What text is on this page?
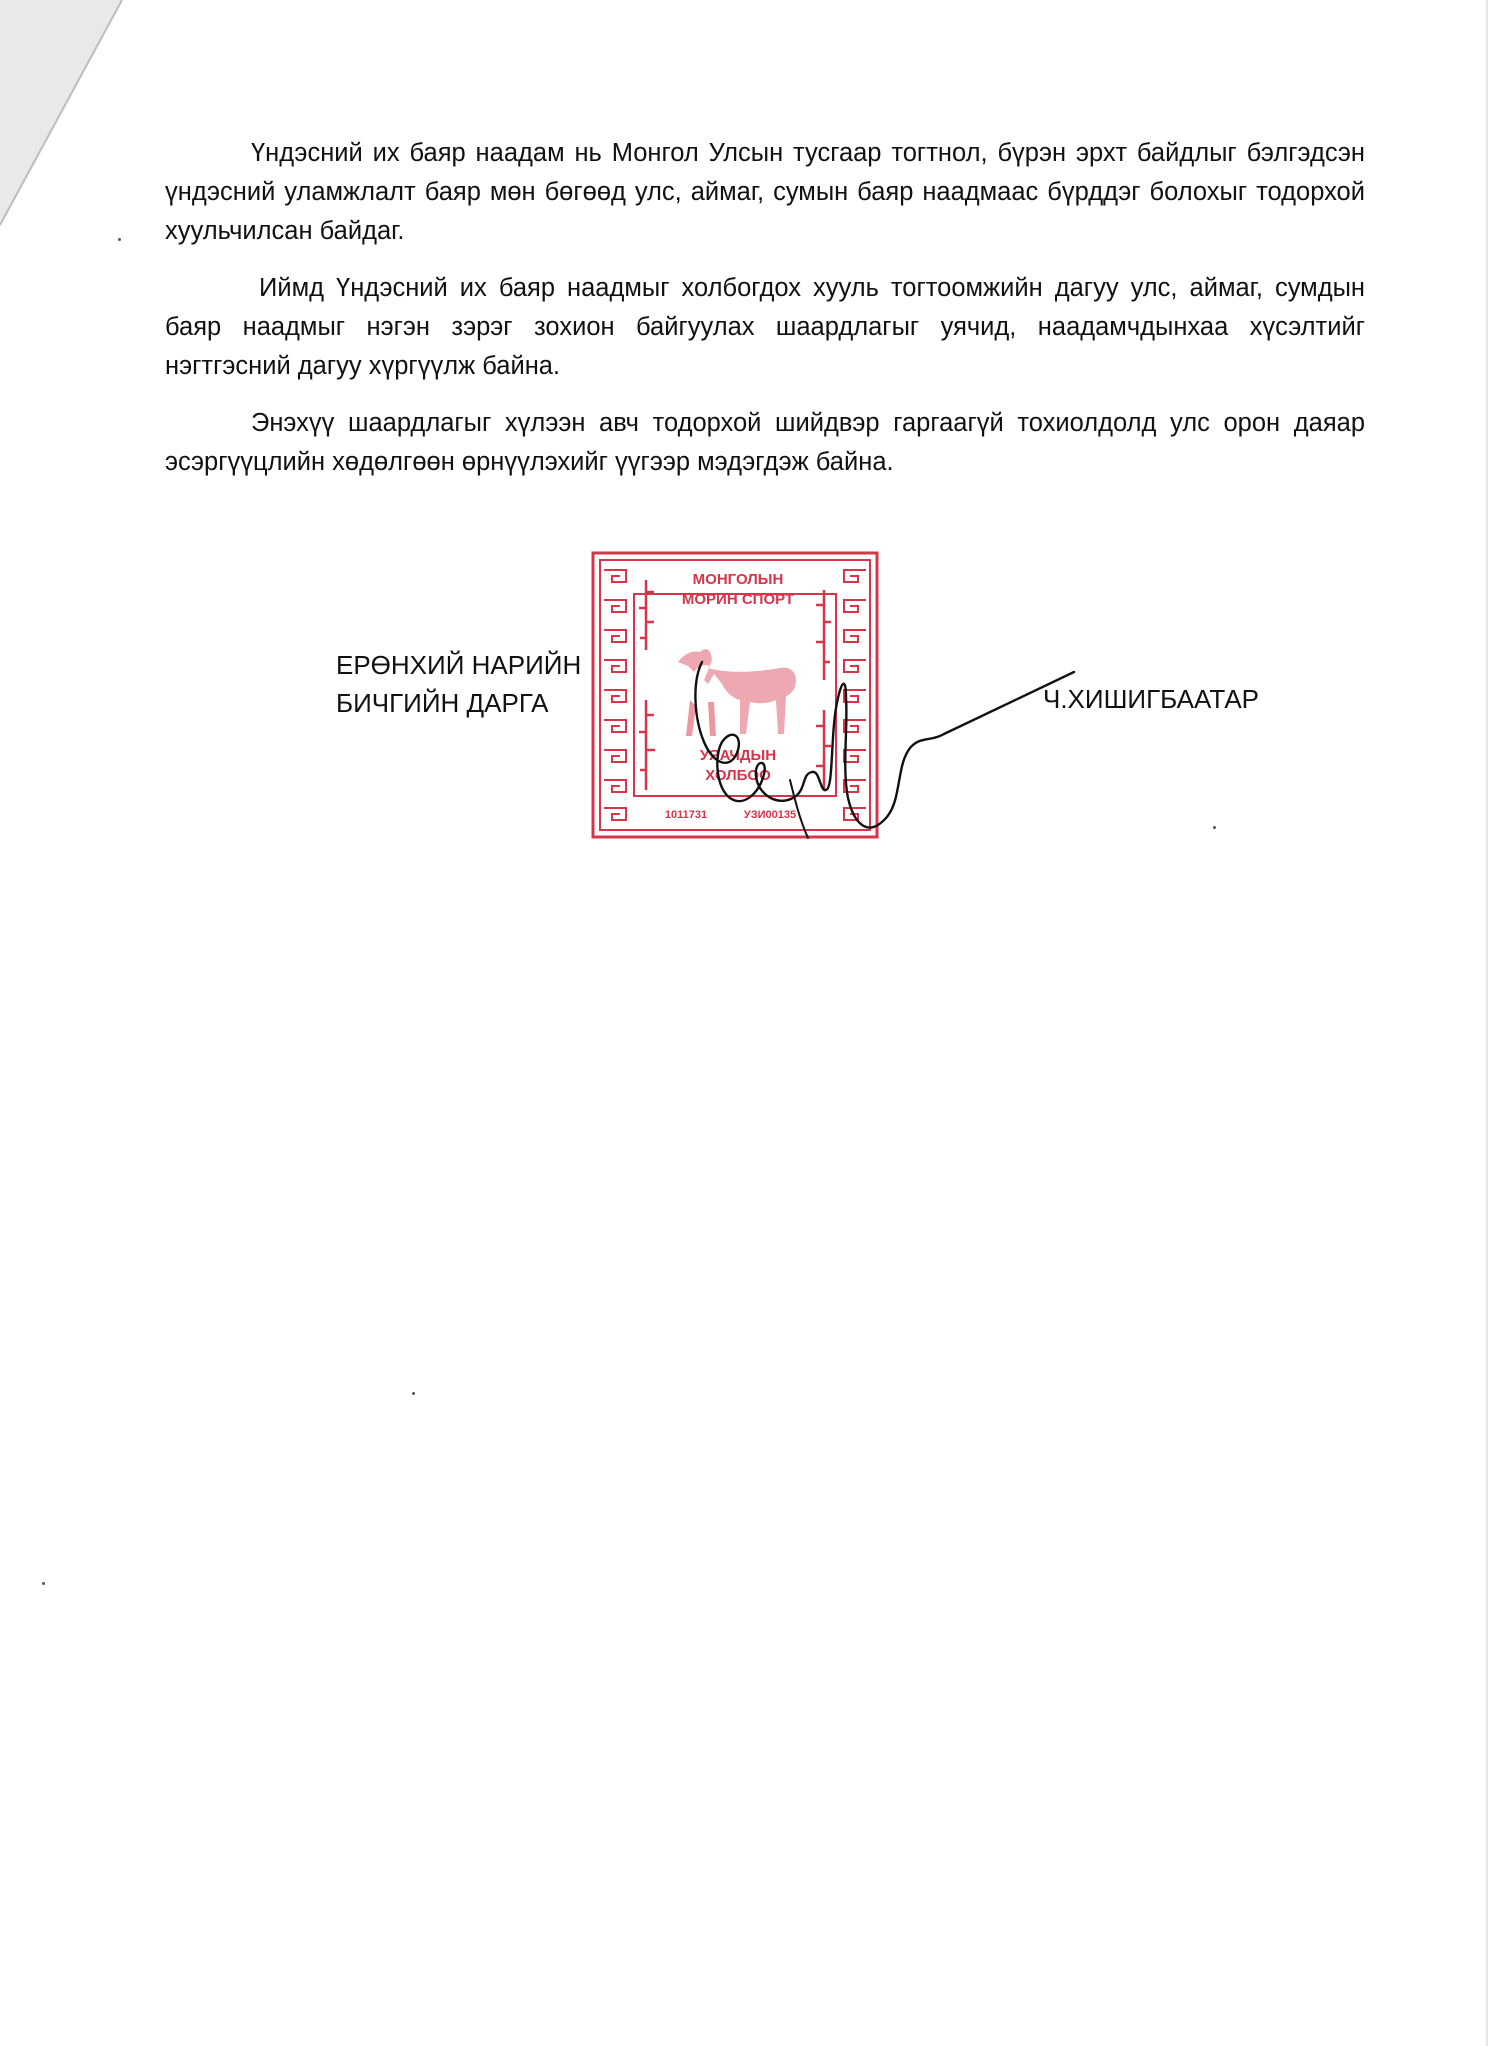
Үндэсний их баяр наадам нь Монгол Улсын тусгаар тогтнол, бүрэн эрхт байдлыг бэлгэдсэн үндэсний уламжлалт баяр мөн бөгөөд улс, аймаг, сумын баяр наадмаас бүрддэг болохыг тодорхой хуульчилсан байдаг.

Иймд Үндэсний их баяр наадмыг холбогдох хууль тогтоомжийн дагуу улс, аймаг, сумдын баяр наадмыг нэгэн зэрэг зохион байгуулах шаардлагыг уячид, наадамчдынхаа хүсэлтийг нэгтгэсний дагуу хүргүүлж байна.

Энэхүү шаардлагыг хүлээн авч тодорхой шийдвэр гаргаагүй тохиолдолд улс орон даяар эсэргүүцлийн хөдөлгөөн өрнүүлэхийг үүгээр мэдэгдэж байна.

ЕРӨНХИЙ НАРИЙН
БИЧГИЙН ДАРГА
МОНГОЛЫН
МОРИН СПОРТ
УЯАЧДЫН
ХОЛБОО
1011731	УЗИ00135
Ч.ХИШИГБААТАР
